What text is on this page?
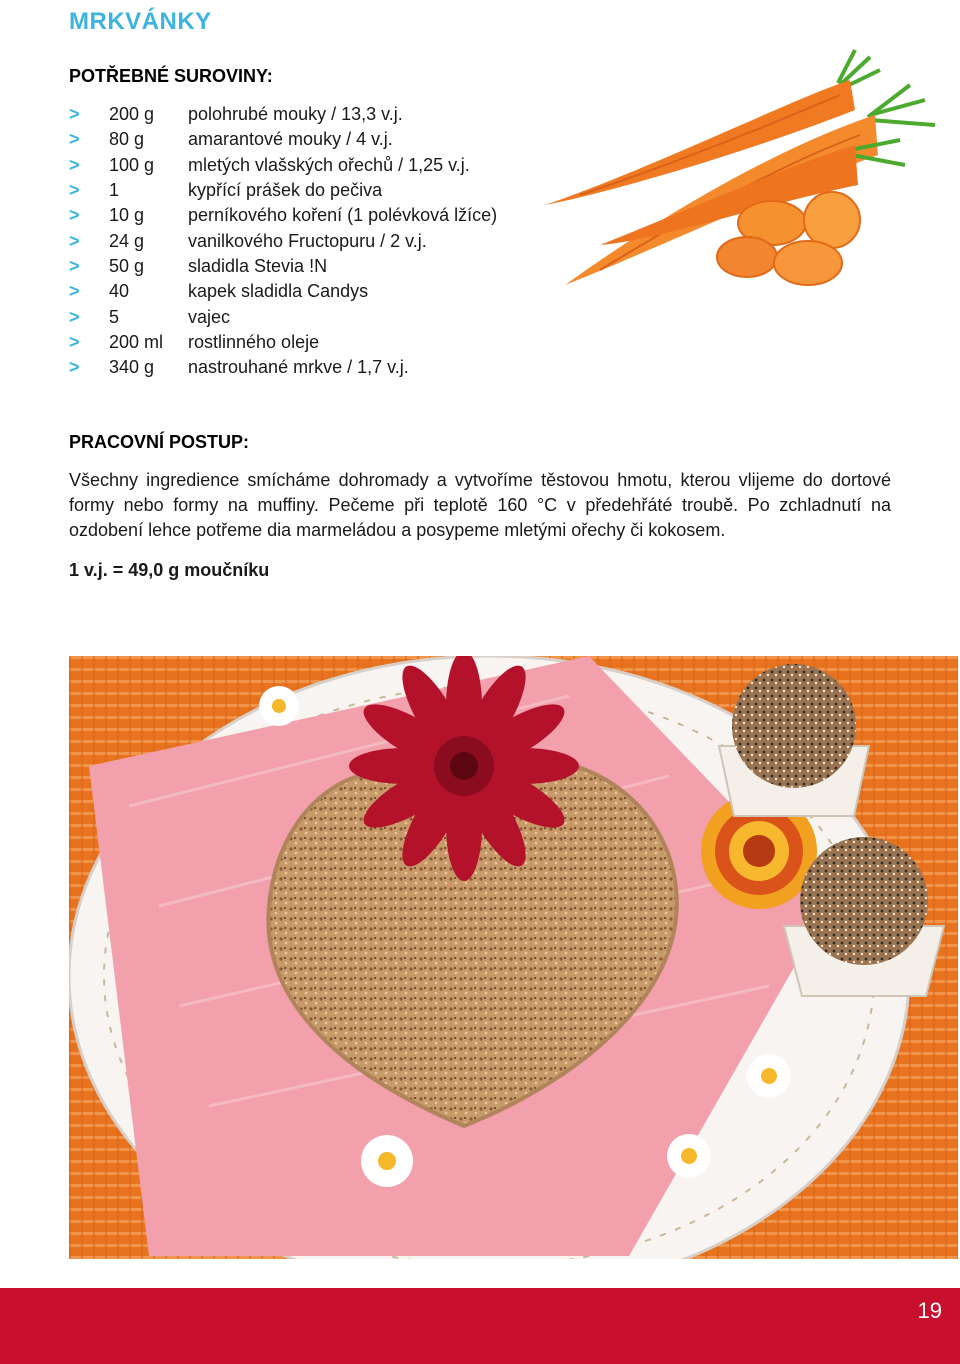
MRKVÁNKY
POTŘEBNÉ SUROVINY:
>	200 g	polohrubé mouky / 13,3 v.j.
>	80 g	amarantové mouky / 4 v.j.
>	100 g	mletých vlašských ořechů / 1,25 v.j.
>	1	kypřící prášek do pečiva
>	10 g	perníkového koření (1 polévková lžíce)
>	24 g	vanilkového Fructopuru / 2 v.j.
>	50 g	sladidla Stevia !N
>	40	kapek sladidla Candys
>	5	vajec
>	200 ml	rostlinného oleje
>	340 g	nastrouhané mrkve / 1,7 v.j.
PRACOVNÍ POSTUP:

Všechny ingredience smícháme dohromady a vytvoříme těstovou hmotu, kterou vlijeme do dortové formy nebo formy na muffiny. Pečeme při teplotě 160 °C v předehřáté troubě. Po zchladnutí na ozdobení lehce potřeme dia marmeládou a posypeme mletými ořechy či kokosem.

1 v.j. = 49,0 g moučníku
19
